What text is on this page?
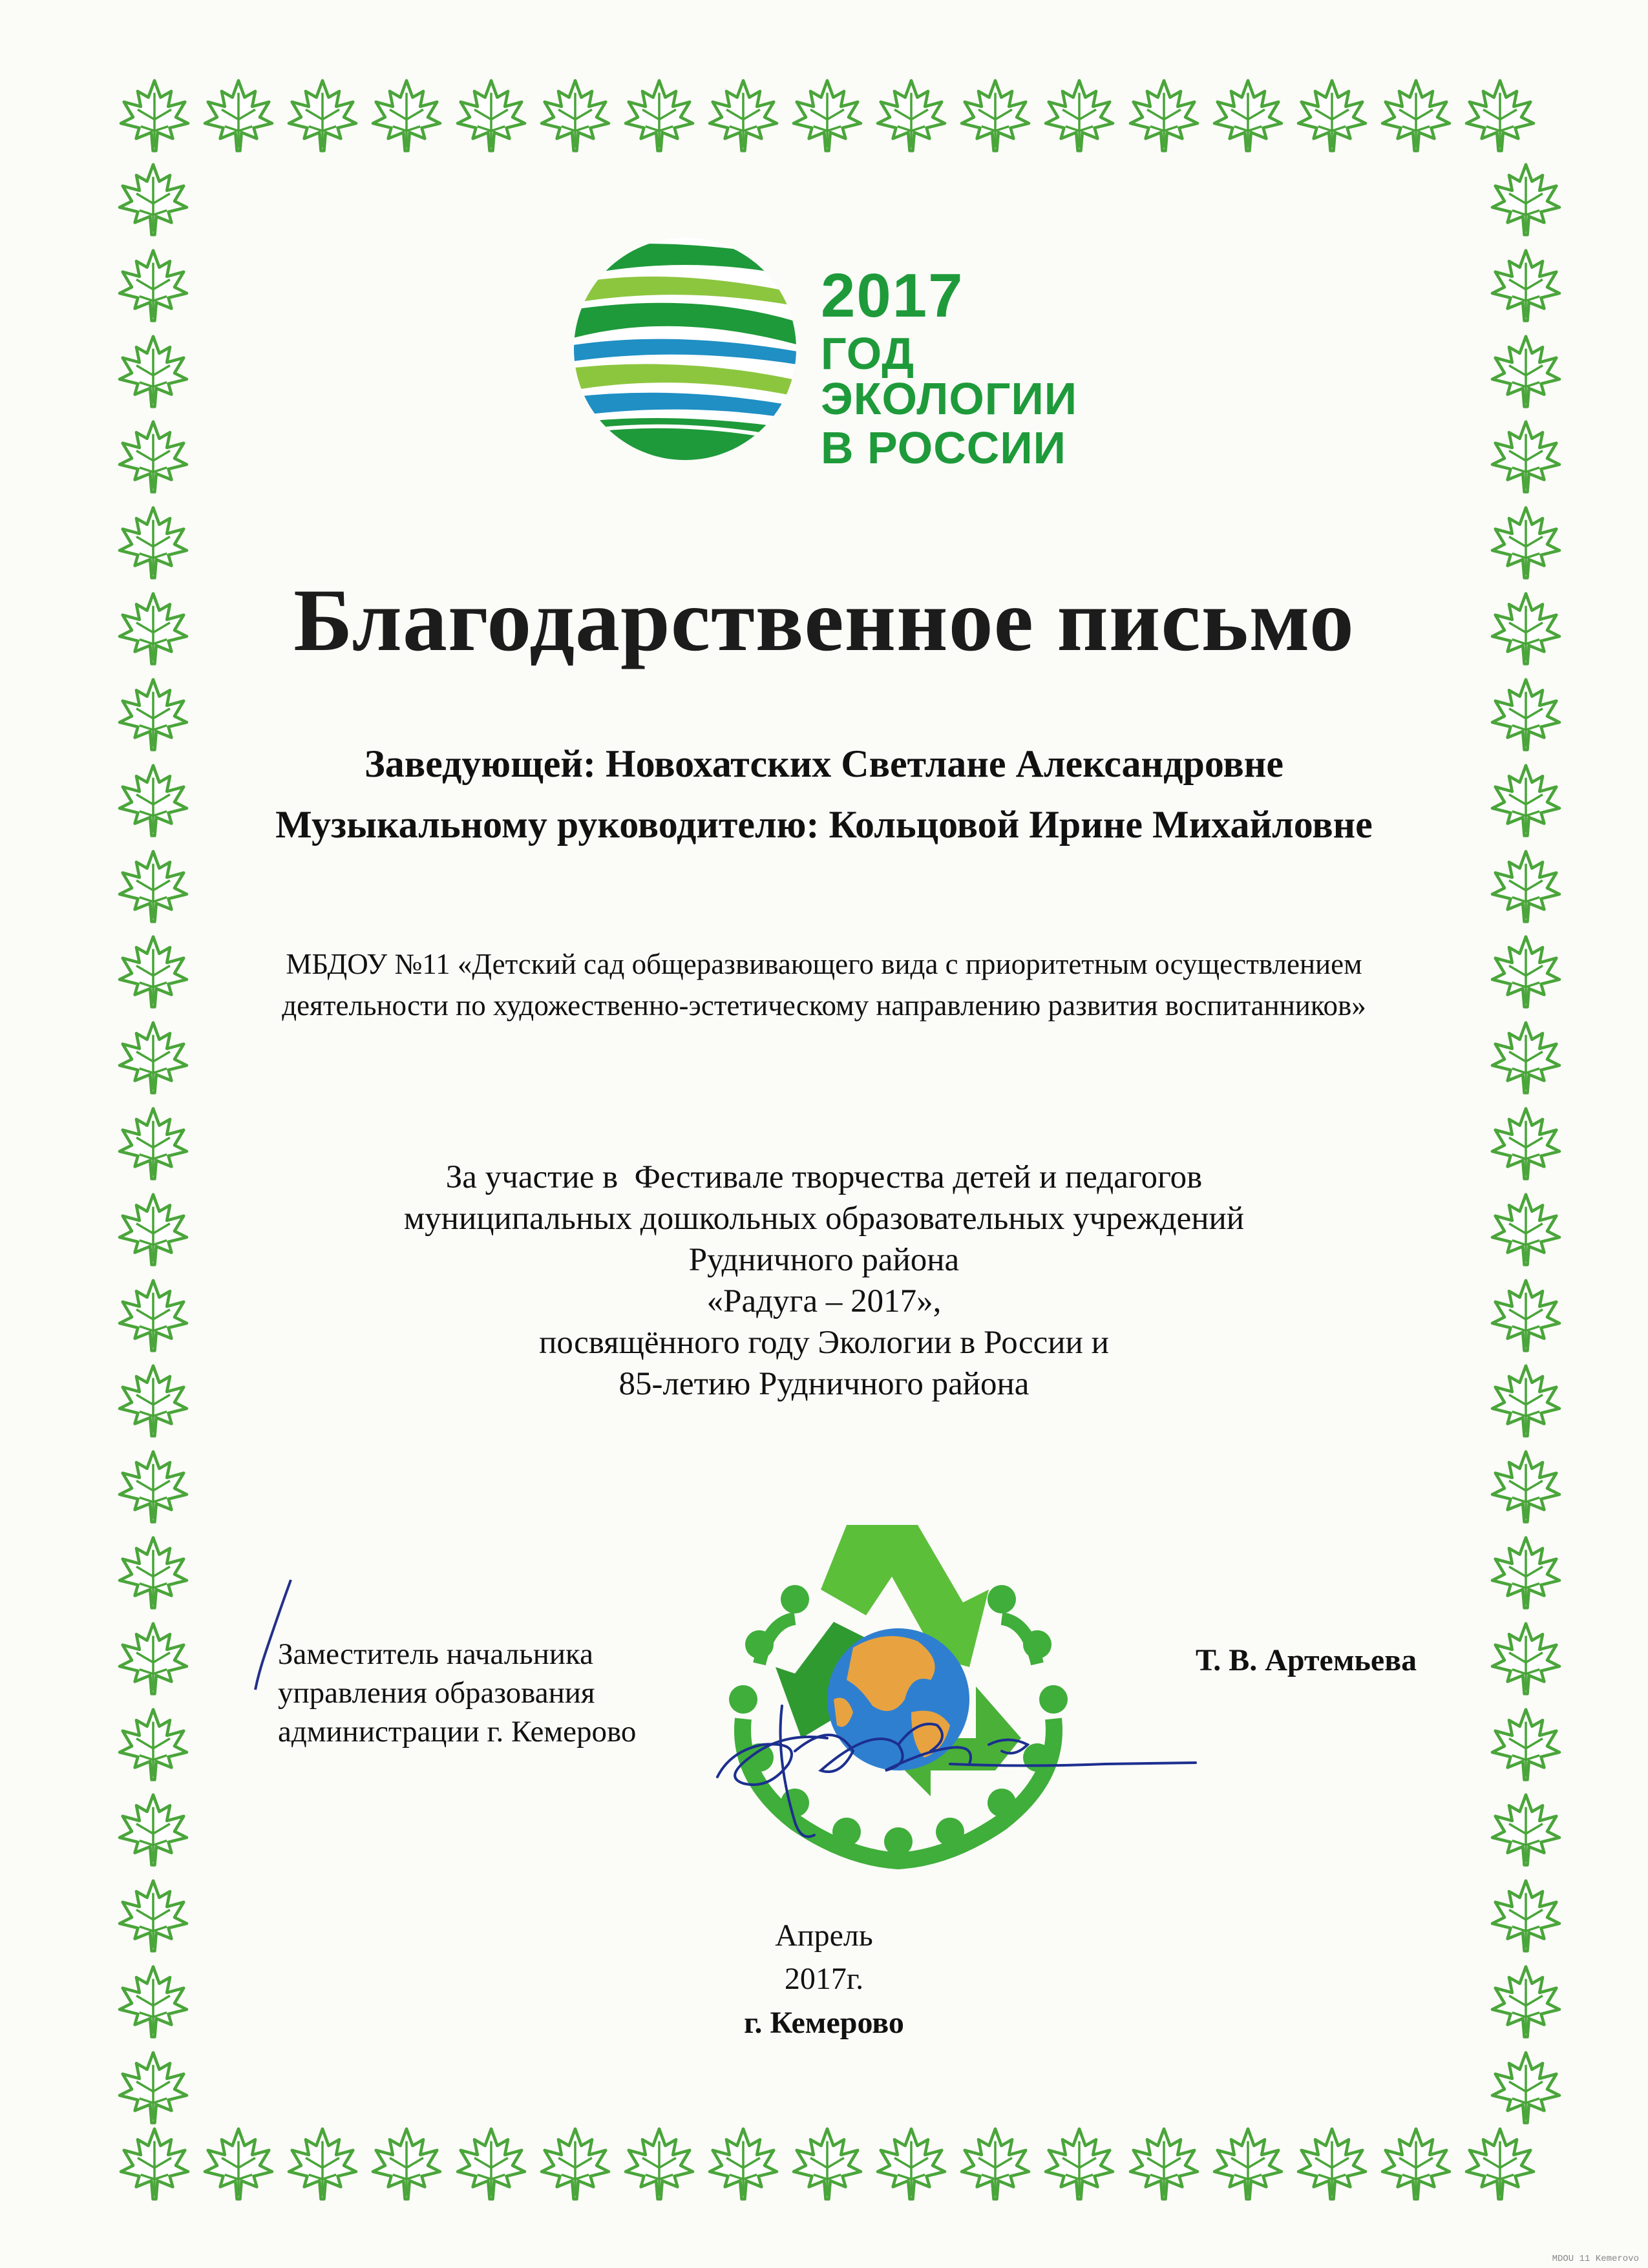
2017
ГОД ЭКОЛОГИИ
В РОССИИ
Благодарственное письмо
Заведующей: Новохатских Светлане Александровне
Музыкальному руководителю: Кольцовой Ирине Михайловне
МБДОУ №11 «Детский сад общеразвивающего вида с приоритетным осуществлением
деятельности по художественно-эстетическому направлению развития воспитанников»
За участие в  Фестивале творчества детей и педагогов
муниципальных дошкольных образовательных учреждений
Рудничного района
«Радуга – 2017»,
посвящённого году Экологии в России и
85-летию Рудничного района
Заместитель начальника
управления образования
администрации г. Кемерово
Т. В. Артемьева
Апрель
2017г.
г. Кемерово
MDOU 11 Kemerovo
